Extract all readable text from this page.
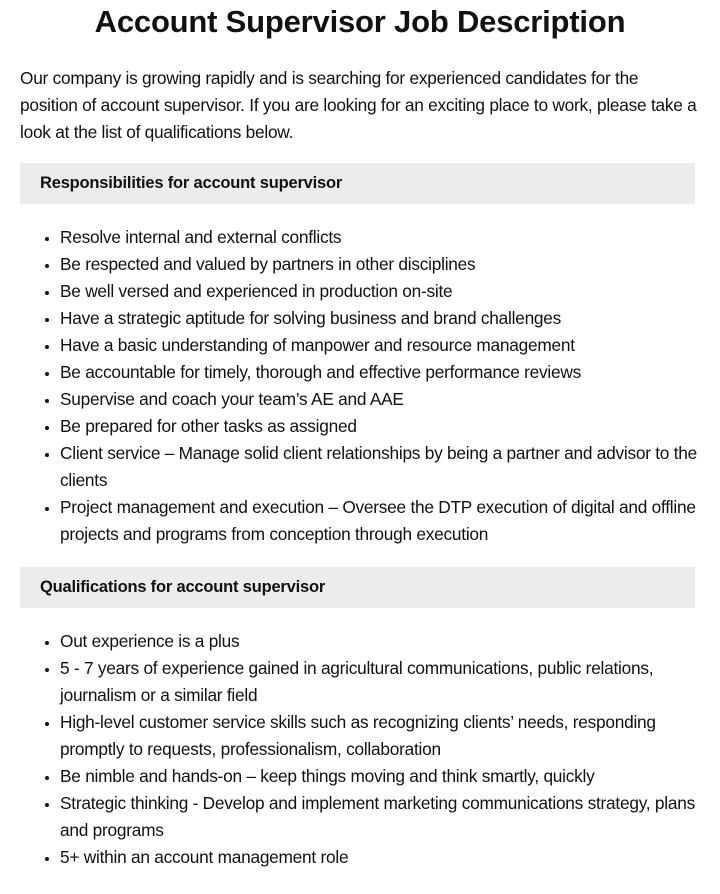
Account Supervisor Job Description

Our company is growing rapidly and is searching for experienced candidates for the position of account supervisor. If you are looking for an exciting place to work, please take a look at the list of qualifications below.

Responsibilities for account supervisor
• Resolve internal and external conflicts
• Be respected and valued by partners in other disciplines
• Be well versed and experienced in production on-site
• Have a strategic aptitude for solving business and brand challenges
• Have a basic understanding of manpower and resource management
• Be accountable for timely, thorough and effective performance reviews
• Supervise and coach your team’s AE and AAE
• Be prepared for other tasks as assigned
• Client service – Manage solid client relationships by being a partner and advisor to the clients
• Project management and execution – Oversee the DTP execution of digital and offline projects and programs from conception through execution
Qualifications for account supervisor
• Out experience is a plus
• 5 - 7 years of experience gained in agricultural communications, public relations, journalism or a similar field
• High-level customer service skills such as recognizing clients’ needs, responding promptly to requests, professionalism, collaboration
• Be nimble and hands-on – keep things moving and think smartly, quickly
• Strategic thinking - Develop and implement marketing communications strategy, plans and programs
• 5+ within an account management role
